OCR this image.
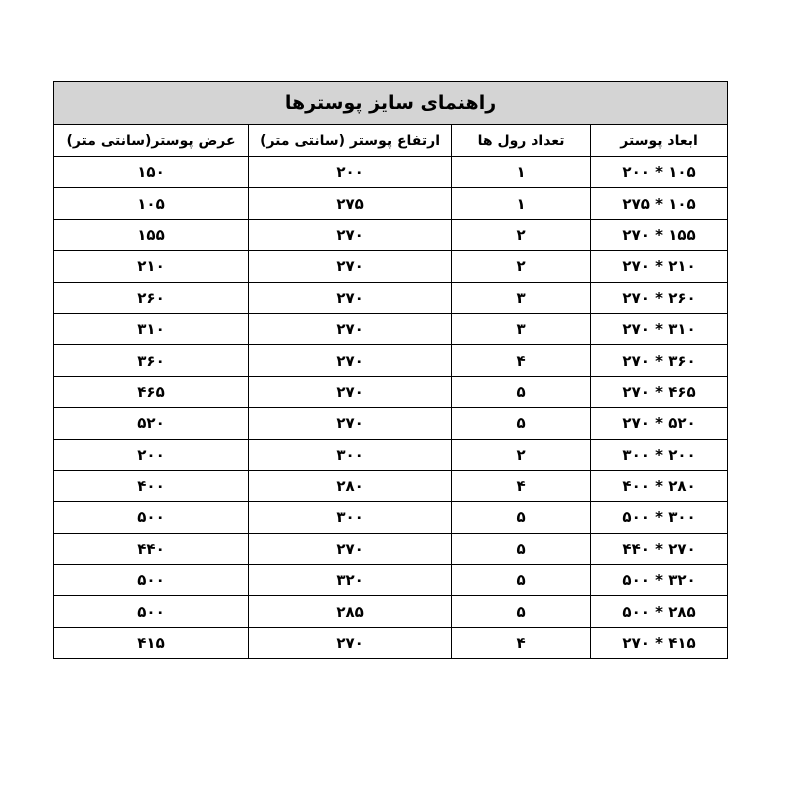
راهنمای سایز پوسترها			
ابعاد پوستر	تعداد رول ها	ارتفاع پوستر (سانتی متر)	عرض پوستر(سانتی متر)
۱۰۵ * ۲۰۰	۱	۲۰۰	۱۵۰
۱۰۵ * ۲۷۵	۱	۲۷۵	۱۰۵
۱۵۵ * ۲۷۰	۲	۲۷۰	۱۵۵
۲۱۰ * ۲۷۰	۲	۲۷۰	۲۱۰
۲۶۰ * ۲۷۰	۳	۲۷۰	۲۶۰
۳۱۰ * ۲۷۰	۳	۲۷۰	۳۱۰
۳۶۰ * ۲۷۰	۴	۲۷۰	۳۶۰
۴۶۵ * ۲۷۰	۵	۲۷۰	۴۶۵
۵۲۰ * ۲۷۰	۵	۲۷۰	۵۲۰
۲۰۰ * ۳۰۰	۲	۳۰۰	۲۰۰
۲۸۰ * ۴۰۰	۴	۲۸۰	۴۰۰
۳۰۰ * ۵۰۰	۵	۳۰۰	۵۰۰
۲۷۰ * ۴۴۰	۵	۲۷۰	۴۴۰
۳۲۰ * ۵۰۰	۵	۳۲۰	۵۰۰
۲۸۵ * ۵۰۰	۵	۲۸۵	۵۰۰
۴۱۵ * ۲۷۰	۴	۲۷۰	۴۱۵
